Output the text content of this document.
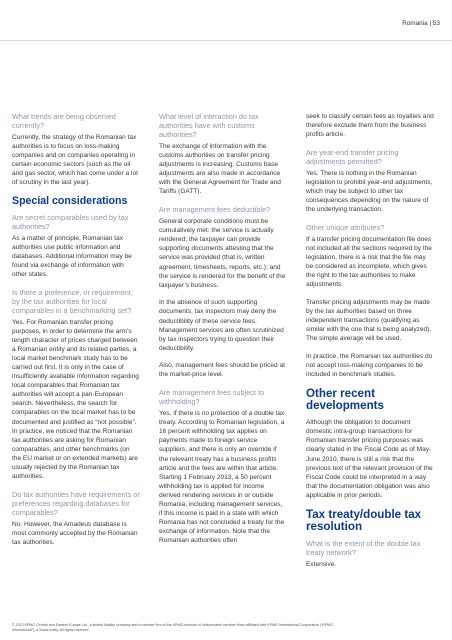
Romania | 53
What trends are being observed currently?
Currently, the strategy of the Romanian tax authorities is to focus on loss-making companies and on companies operating in certain economic sectors (such as the oil and gas sector, which has come under a lot of scrutiny in the last year).
Special considerations
Are secret comparables used by tax authorities?
As a matter of principle, Romanian tax authorities use public information and databases. Additional information may be found via exchange of information with other states.
Is there a preference, or requirement, by the tax authorities for local comparables in a benchmarking set?
Yes. For Romanian transfer pricing purposes, in order to determine the arm’s length character of prices charged between a Romanian entity and its related parties, a local market benchmark study has to be carried out first. It is only in the case of insufficiently available information regarding local comparables that Romanian tax authorities will accept a pan-European search. Nevertheless, the search for comparables on the local market has to be documented and justified as “not possible”. In practice, we noticed that the Romanian tax authorities are asking for Romanian comparables, and other benchmarks (on the EU market or on extended markets) are usually rejected by the Romanian tax authorities.
Do tax authorities have requirements or preferences regarding databases for comparables?
No. However, the Amadeus database is most commonly accepted by the Romanian tax authorities.
What level of interaction do tax authorities have with customs authorities?
The exchange of information with the customs authorities on transfer pricing adjustments is increasing. Customs base adjustments are also made in accordance with the General Agreement for Trade and Tariffs (GATT).
Are management fees deductible?
General corporate conditions must be cumulatively met: the service is actually rendered; the taxpayer can provide supporting documents attesting that the service was provided (that is, written agreement, timesheets, reports, etc.); and the service is rendered for the benefit of the taxpayer’s business.
In the absence of such supporting documents, tax inspectors may deny the deductibility of these service fees. Management services are often scrutinized by tax inspectors trying to question their deductibility.
Also, management fees should be priced at the market-price level.
Are management fees subject to withholding?
Yes, if there is no protection of a double tax treaty. According to Romanian legislation, a 16 percent withholding tax applies on payments made to foreign service suppliers, and there is only an override if the relevant treaty has a business profits article and the fees are within that article. Starting 1 February 2013, a 50 percent withholding tax is applied for income derived rendering services in or outside Romania, including management services, if this income is paid in a state with which Romania has not concluded a treaty for the exchange of information. Note that the Romanian authorities often
seek to classify certain fees as royalties and therefore exclude them from the business profits article.
Are year-end transfer pricing adjustments permitted?
Yes. There is nothing in the Romanian legislation to prohibit year-end adjustments, which may be subject to other tax consequences depending on the nature of the underlying transaction.
Other unique attributes?
If a transfer pricing documentation file does not included all the sections required by the legislation, there is a risk that the file may be considered as incomplete, which gives the right to the tax authorities to make adjustments.
Transfer pricing adjustments may be made by the tax authorities based on three independent transactions (qualifying as similar with the one that is being analyzed). The simple average will be used.
In practice, the Romanian tax authorities do not accept loss-making companies to be included in benchmark studies.
Other recent developments
Although the obligation to document domestic intra-group transactions for Romanian transfer pricing purposes was clearly stated in the Fiscal Code as of May-June 2010, there is still a risk that the previous text of the relevant provision of the Fiscal Code could be interpreted in a way that the documentation obligation was also applicable in prior periods.
Tax treaty/double tax resolution
What is the extent of the double tax treaty network?
Extensive.
© 2013 KPMG Central and Eastern Europe Ltd., a limited liability company and a member firm of the KPMG network of independent member firms affiliated with KPMG International Cooperative (“KPMG International”), a Swiss entity. All rights reserved.
